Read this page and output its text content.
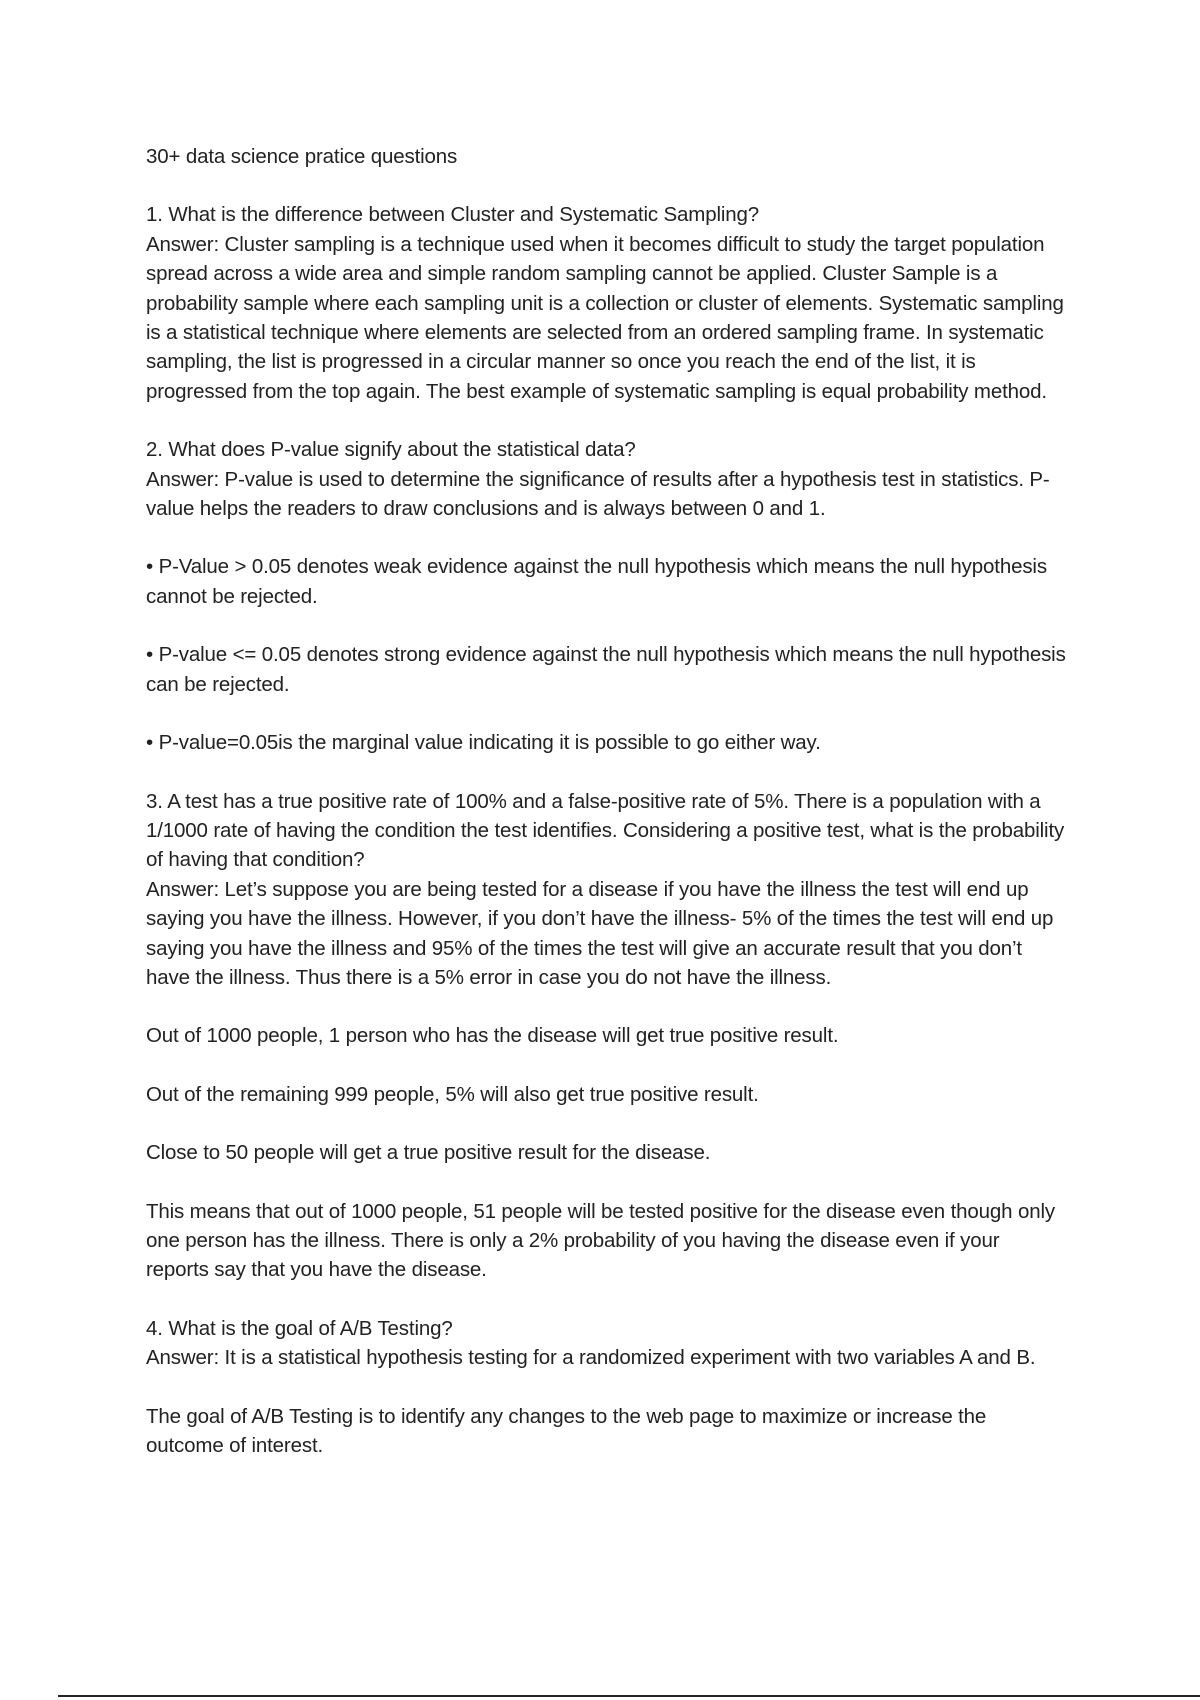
30+ data science pratice questions

1. What is the difference between Cluster and Systematic Sampling?

Answer: Cluster sampling is a technique used when it becomes difficult to study the target population spread across a wide area and simple random sampling cannot be applied. Cluster Sample is a probability sample where each sampling unit is a collection or cluster of elements. Systematic sampling is a statistical technique where elements are selected from an ordered sampling frame. In systematic sampling, the list is progressed in a circular manner so once you reach the end of the list, it is progressed from the top again. The best example of systematic sampling is equal probability method.

2. What does P-value signify about the statistical data?

Answer: P-value is used to determine the significance of results after a hypothesis test in statistics. P-value helps the readers to draw conclusions and is always between 0 and 1.

• P-Value > 0.05 denotes weak evidence against the null hypothesis which means the null hypothesis cannot be rejected.

• P-value <= 0.05 denotes strong evidence against the null hypothesis which means the null hypothesis can be rejected.

• P-value=0.05is the marginal value indicating it is possible to go either way.

3. A test has a true positive rate of 100% and a false-positive rate of 5%. There is a population with a 1/1000 rate of having the condition the test identifies. Considering a positive test, what is the probability of having that condition?

Answer: Let’s suppose you are being tested for a disease if you have the illness the test will end up saying you have the illness. However, if you don’t have the illness- 5% of the times the test will end up saying you have the illness and 95% of the times the test will give an accurate result that you don’t have the illness. Thus there is a 5% error in case you do not have the illness.

Out of 1000 people, 1 person who has the disease will get true positive result.

Out of the remaining 999 people, 5% will also get true positive result.

Close to 50 people will get a true positive result for the disease.

This means that out of 1000 people, 51 people will be tested positive for the disease even though only one person has the illness. There is only a 2% probability of you having the disease even if your reports say that you have the disease.

4. What is the goal of A/B Testing?

Answer: It is a statistical hypothesis testing for a randomized experiment with two variables A and B.

The goal of A/B Testing is to identify any changes to the web page to maximize or increase the outcome of interest.
